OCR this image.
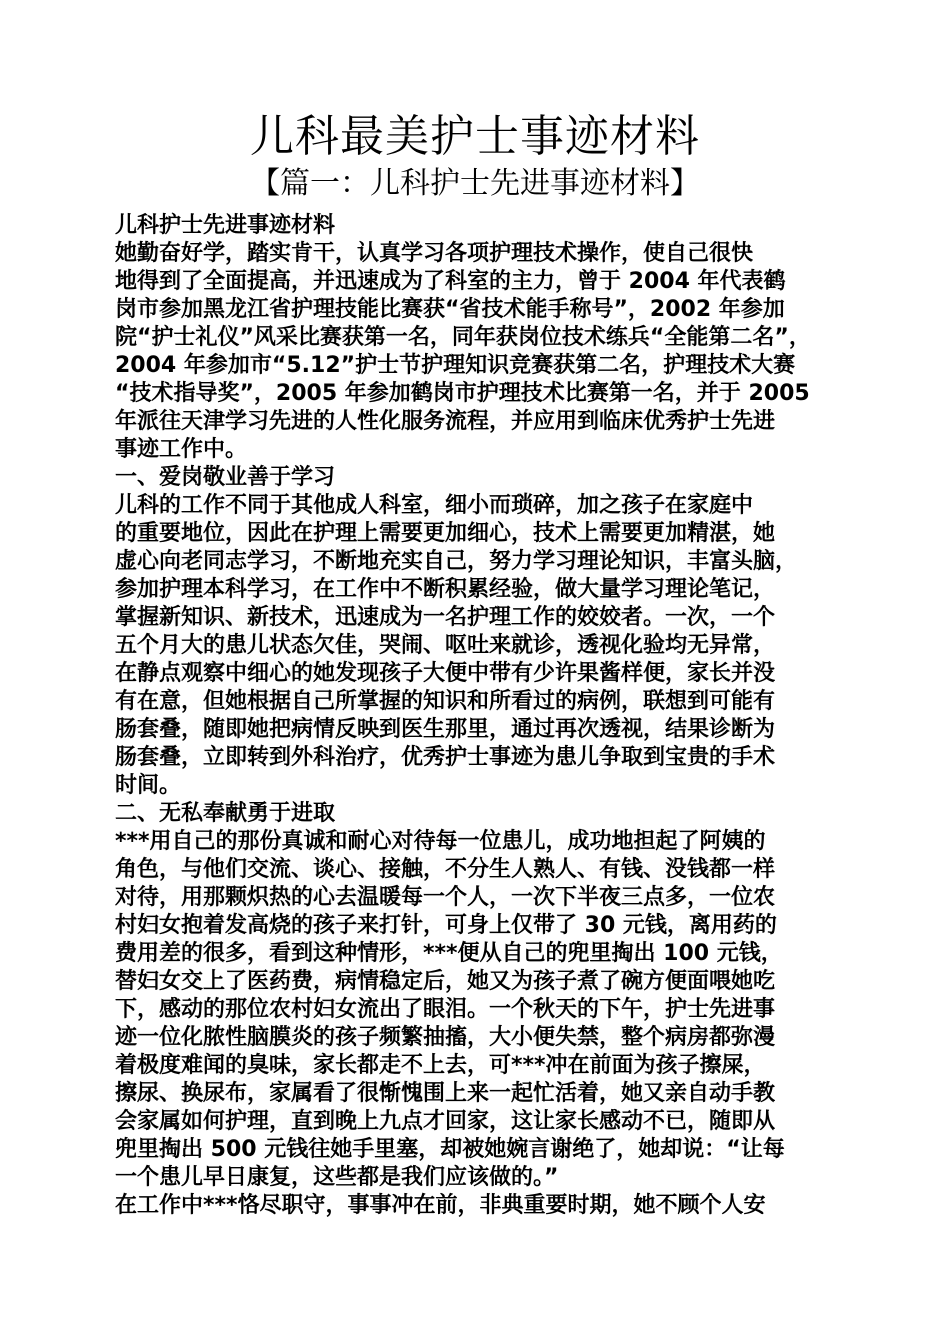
儿科最美护士事迹材料
【篇一：儿科护士先进事迹材料】
儿科护士先进事迹材料
她勤奋好学，踏实肯干，认真学习各项护理技术操作，使自己很快
地得到了全面提高，并迅速成为了科室的主力，曾于 2004 年代表鹤
岗市参加黑龙江省护理技能比赛获“省技术能手称号”，2002 年参加
院“护士礼仪”风采比赛获第一名，同年获岗位技术练兵“全能第二名”，
2004 年参加市“5.12”护士节护理知识竞赛获第二名，护理技术大赛
“技术指导奖”，2005 年参加鹤岗市护理技术比赛第一名，并于 2005
年派往天津学习先进的人性化服务流程，并应用到临床优秀护士先进
事迹工作中。
一、爱岗敬业善于学习
儿科的工作不同于其他成人科室，细小而琐碎，加之孩子在家庭中
的重要地位，因此在护理上需要更加细心，技术上需要更加精湛，她
虚心向老同志学习，不断地充实自己，努力学习理论知识，丰富头脑，
参加护理本科学习，在工作中不断积累经验，做大量学习理论笔记，
掌握新知识、新技术，迅速成为一名护理工作的姣姣者。一次，一个
五个月大的患儿状态欠佳，哭闹、呕吐来就诊，透视化验均无异常，
在静点观察中细心的她发现孩子大便中带有少许果酱样便，家长并没
有在意，但她根据自己所掌握的知识和所看过的病例，联想到可能有
肠套叠，随即她把病情反映到医生那里，通过再次透视，结果诊断为
肠套叠，立即转到外科治疗，优秀护士事迹为患儿争取到宝贵的手术
时间。
二、无私奉献勇于进取
***用自己的那份真诚和耐心对待每一位患儿，成功地担起了阿姨的
角色，与他们交流、谈心、接触，不分生人熟人、有钱、没钱都一样
对待，用那颗炽热的心去温暖每一个人，一次下半夜三点多，一位农
村妇女抱着发高烧的孩子来打针，可身上仅带了 30 元钱，离用药的
费用差的很多，看到这种情形，***便从自己的兜里掏出 100 元钱，
替妇女交上了医药费，病情稳定后，她又为孩子煮了碗方便面喂她吃
下，感动的那位农村妇女流出了眼泪。一个秋天的下午，护士先进事
迹一位化脓性脑膜炎的孩子频繁抽搐，大小便失禁，整个病房都弥漫
着极度难闻的臭味，家长都走不上去，可***冲在前面为孩子擦屎，
擦尿、换尿布，家属看了很惭愧围上来一起忙活着，她又亲自动手教
会家属如何护理，直到晚上九点才回家，这让家长感动不已，随即从
兜里掏出 500 元钱往她手里塞，却被她婉言谢绝了，她却说：“让每
一个患儿早日康复，这些都是我们应该做的。”
在工作中***恪尽职守，事事冲在前，非典重要时期，她不顾个人安
